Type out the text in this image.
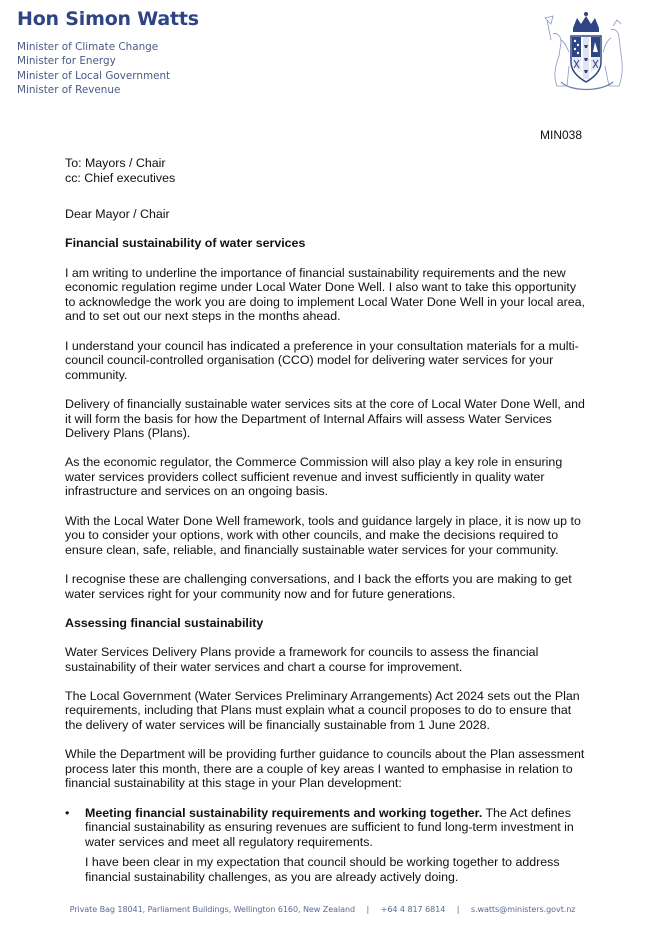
Hon Simon Watts
Minister of Climate Change
Minister for Energy
Minister of Local Government
Minister of Revenue
MIN038

To: Mayors / Chair

cc: Chief executives

Dear Mayor / Chair

Financial sustainability of water services

I am writing to underline the importance of financial sustainability requirements and the new economic regulation regime under Local Water Done Well. I also want to take this opportunity to acknowledge the work you are doing to implement Local Water Done Well in your local area, and to set out our next steps in the months ahead.

I understand your council has indicated a preference in your consultation materials for a multi-council council-controlled organisation (CCO) model for delivering water services for your community.

Delivery of financially sustainable water services sits at the core of Local Water Done Well, and it will form the basis for how the Department of Internal Affairs will assess Water Services Delivery Plans (Plans).

As the economic regulator, the Commerce Commission will also play a key role in ensuring water services providers collect sufficient revenue and invest sufficiently in quality water infrastructure and services on an ongoing basis.

With the Local Water Done Well framework, tools and guidance largely in place, it is now up to you to consider your options, work with other councils, and make the decisions required to ensure clean, safe, reliable, and financially sustainable water services for your community.

I recognise these are challenging conversations, and I back the efforts you are making to get water services right for your community now and for future generations.

Assessing financial sustainability

Water Services Delivery Plans provide a framework for councils to assess the financial sustainability of their water services and chart a course for improvement.

The Local Government (Water Services Preliminary Arrangements) Act 2024 sets out the Plan requirements, including that Plans must explain what a council proposes to do to ensure that the delivery of water services will be financially sustainable from 1 June 2028.

While the Department will be providing further guidance to councils about the Plan assessment process later this month, there are a couple of key areas I wanted to emphasise in relation to financial sustainability at this stage in your Plan development:

• Meeting financial sustainability requirements and working together. The Act defines financial sustainability as ensuring revenues are sufficient to fund long-term investment in water services and meet all regulatory requirements.

I have been clear in my expectation that council should be working together to address financial sustainability challenges, as you are already actively doing.

Private Bag 18041, Parliament Buildings, Wellington 6160, New Zealand | +64 4 817 6814 | s.watts@ministers.govt.nz
